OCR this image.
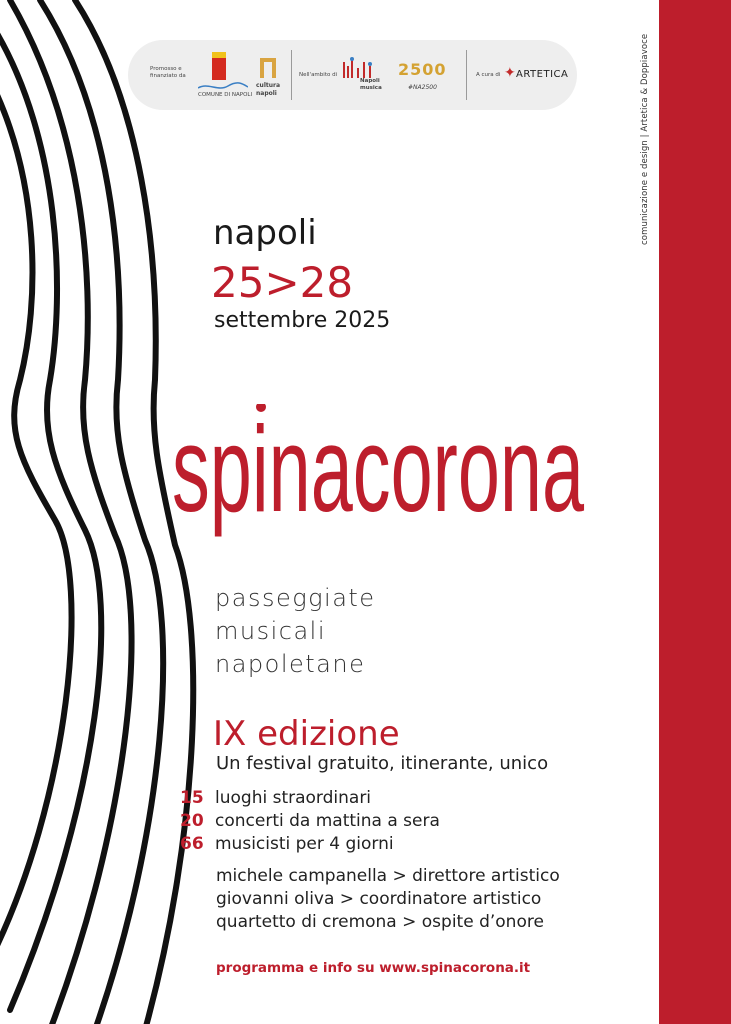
Promosso e finanziato da
COMUNE DI NAPOLI
cultura napoli
Nell'ambito di
Napoli musica
2500
#NA2500
A cura di ✦ ARTETICA	comunicazione e design | Artetica & Doppiavoce
napoli
25>28
settembre 2025
spinacorona
passeggiate
musicali
napoletane
IX edizione
Un festival gratuito, itinerante, unico
15 luoghi straordinari
20 concerti da mattina a sera
66 musicisti per 4 giorni
michele campanella > direttore artistico
giovanni oliva > coordinatore artistico
quartetto di cremona > ospite d’onore
programma e info su www.spinacorona.it
